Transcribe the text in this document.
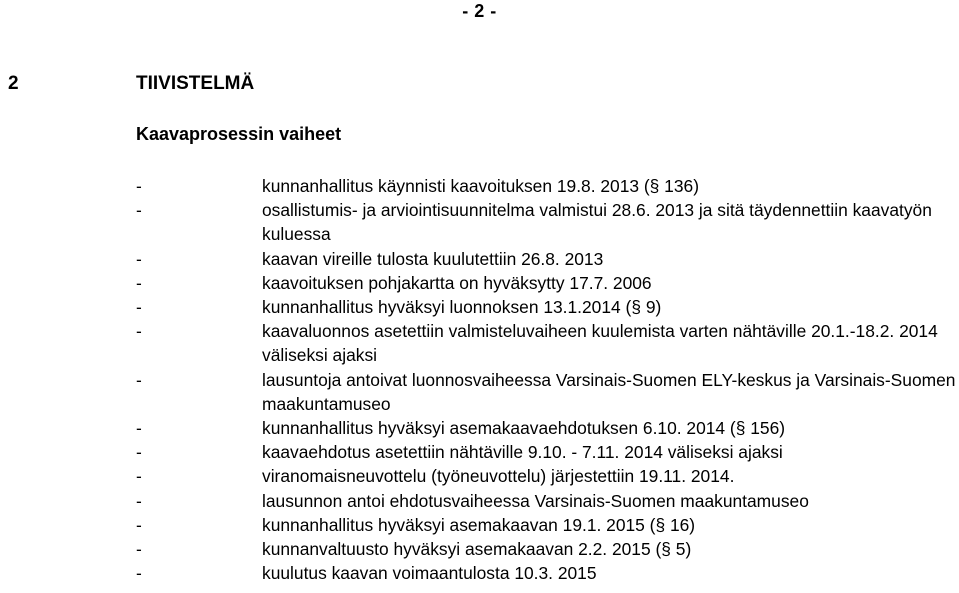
- 2 -
2	TIIVISTELMÄ
Kaavaprosessin vaiheet
-	kunnanhallitus käynnisti kaavoituksen 19.8. 2013 (§ 136)
-	osallistumis- ja arviointisuunnitelma valmistui 28.6. 2013 ja sitä täydennettiin kaavatyön kuluessa
-	kaavan vireille tulosta kuulutettiin 26.8. 2013
-	kaavoituksen pohjakartta on hyväksytty 17.7. 2006
-	kunnanhallitus hyväksyi luonnoksen 13.1.2014 (§ 9)
-	kaavaluonnos asetettiin valmisteluvaiheen kuulemista varten nähtäville 20.1.-18.2. 2014 väliseksi ajaksi
-	lausuntoja antoivat luonnosvaiheessa Varsinais-Suomen ELY-keskus ja Varsinais-Suomen maakuntamuseo
-	kunnanhallitus hyväksyi asemakaavaehdotuksen 6.10. 2014 (§ 156)
-	kaavaehdotus asetettiin nähtäville 9.10. - 7.11. 2014 väliseksi ajaksi
-	viranomaisneuvottelu (työneuvottelu) järjestettiin 19.11. 2014.
-	lausunnon antoi ehdotusvaiheessa Varsinais-Suomen maakuntamuseo
-	kunnanhallitus hyväksyi asemakaavan 19.1. 2015 (§ 16)
-	kunnanvaltuusto hyväksyi asemakaavan 2.2. 2015 (§ 5)
-	kuulutus kaavan voimaantulosta 10.3. 2015
